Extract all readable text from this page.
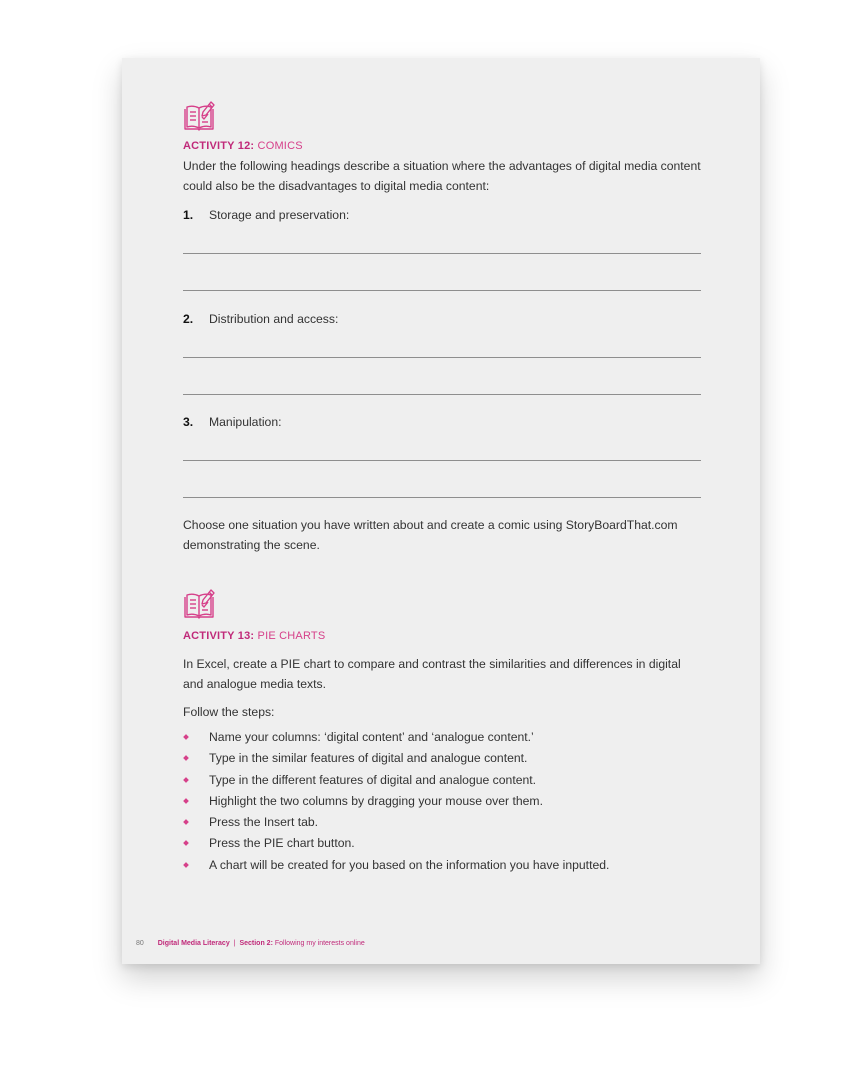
ACTIVITY 12: COMICS
Under the following headings describe a situation where the advantages of digital media content could also be the disadvantages to digital media content:
1. Storage and preservation:
2. Distribution and access:
3. Manipulation:
Choose one situation you have written about and create a comic using StoryBoardThat.com demonstrating the scene.
ACTIVITY 13: PIE CHARTS
In Excel, create a PIE chart to compare and contrast the similarities and differences in digital and analogue media texts.
Follow the steps:
Name your columns: ‘digital content’ and ‘analogue content.’
Type in the similar features of digital and analogue content.
Type in the different features of digital and analogue content.
Highlight the two columns by dragging your mouse over them.
Press the Insert tab.
Press the PIE chart button.
A chart will be created for you based on the information you have inputted.
80 Digital Media Literacy | Section 2: Following my interests online
